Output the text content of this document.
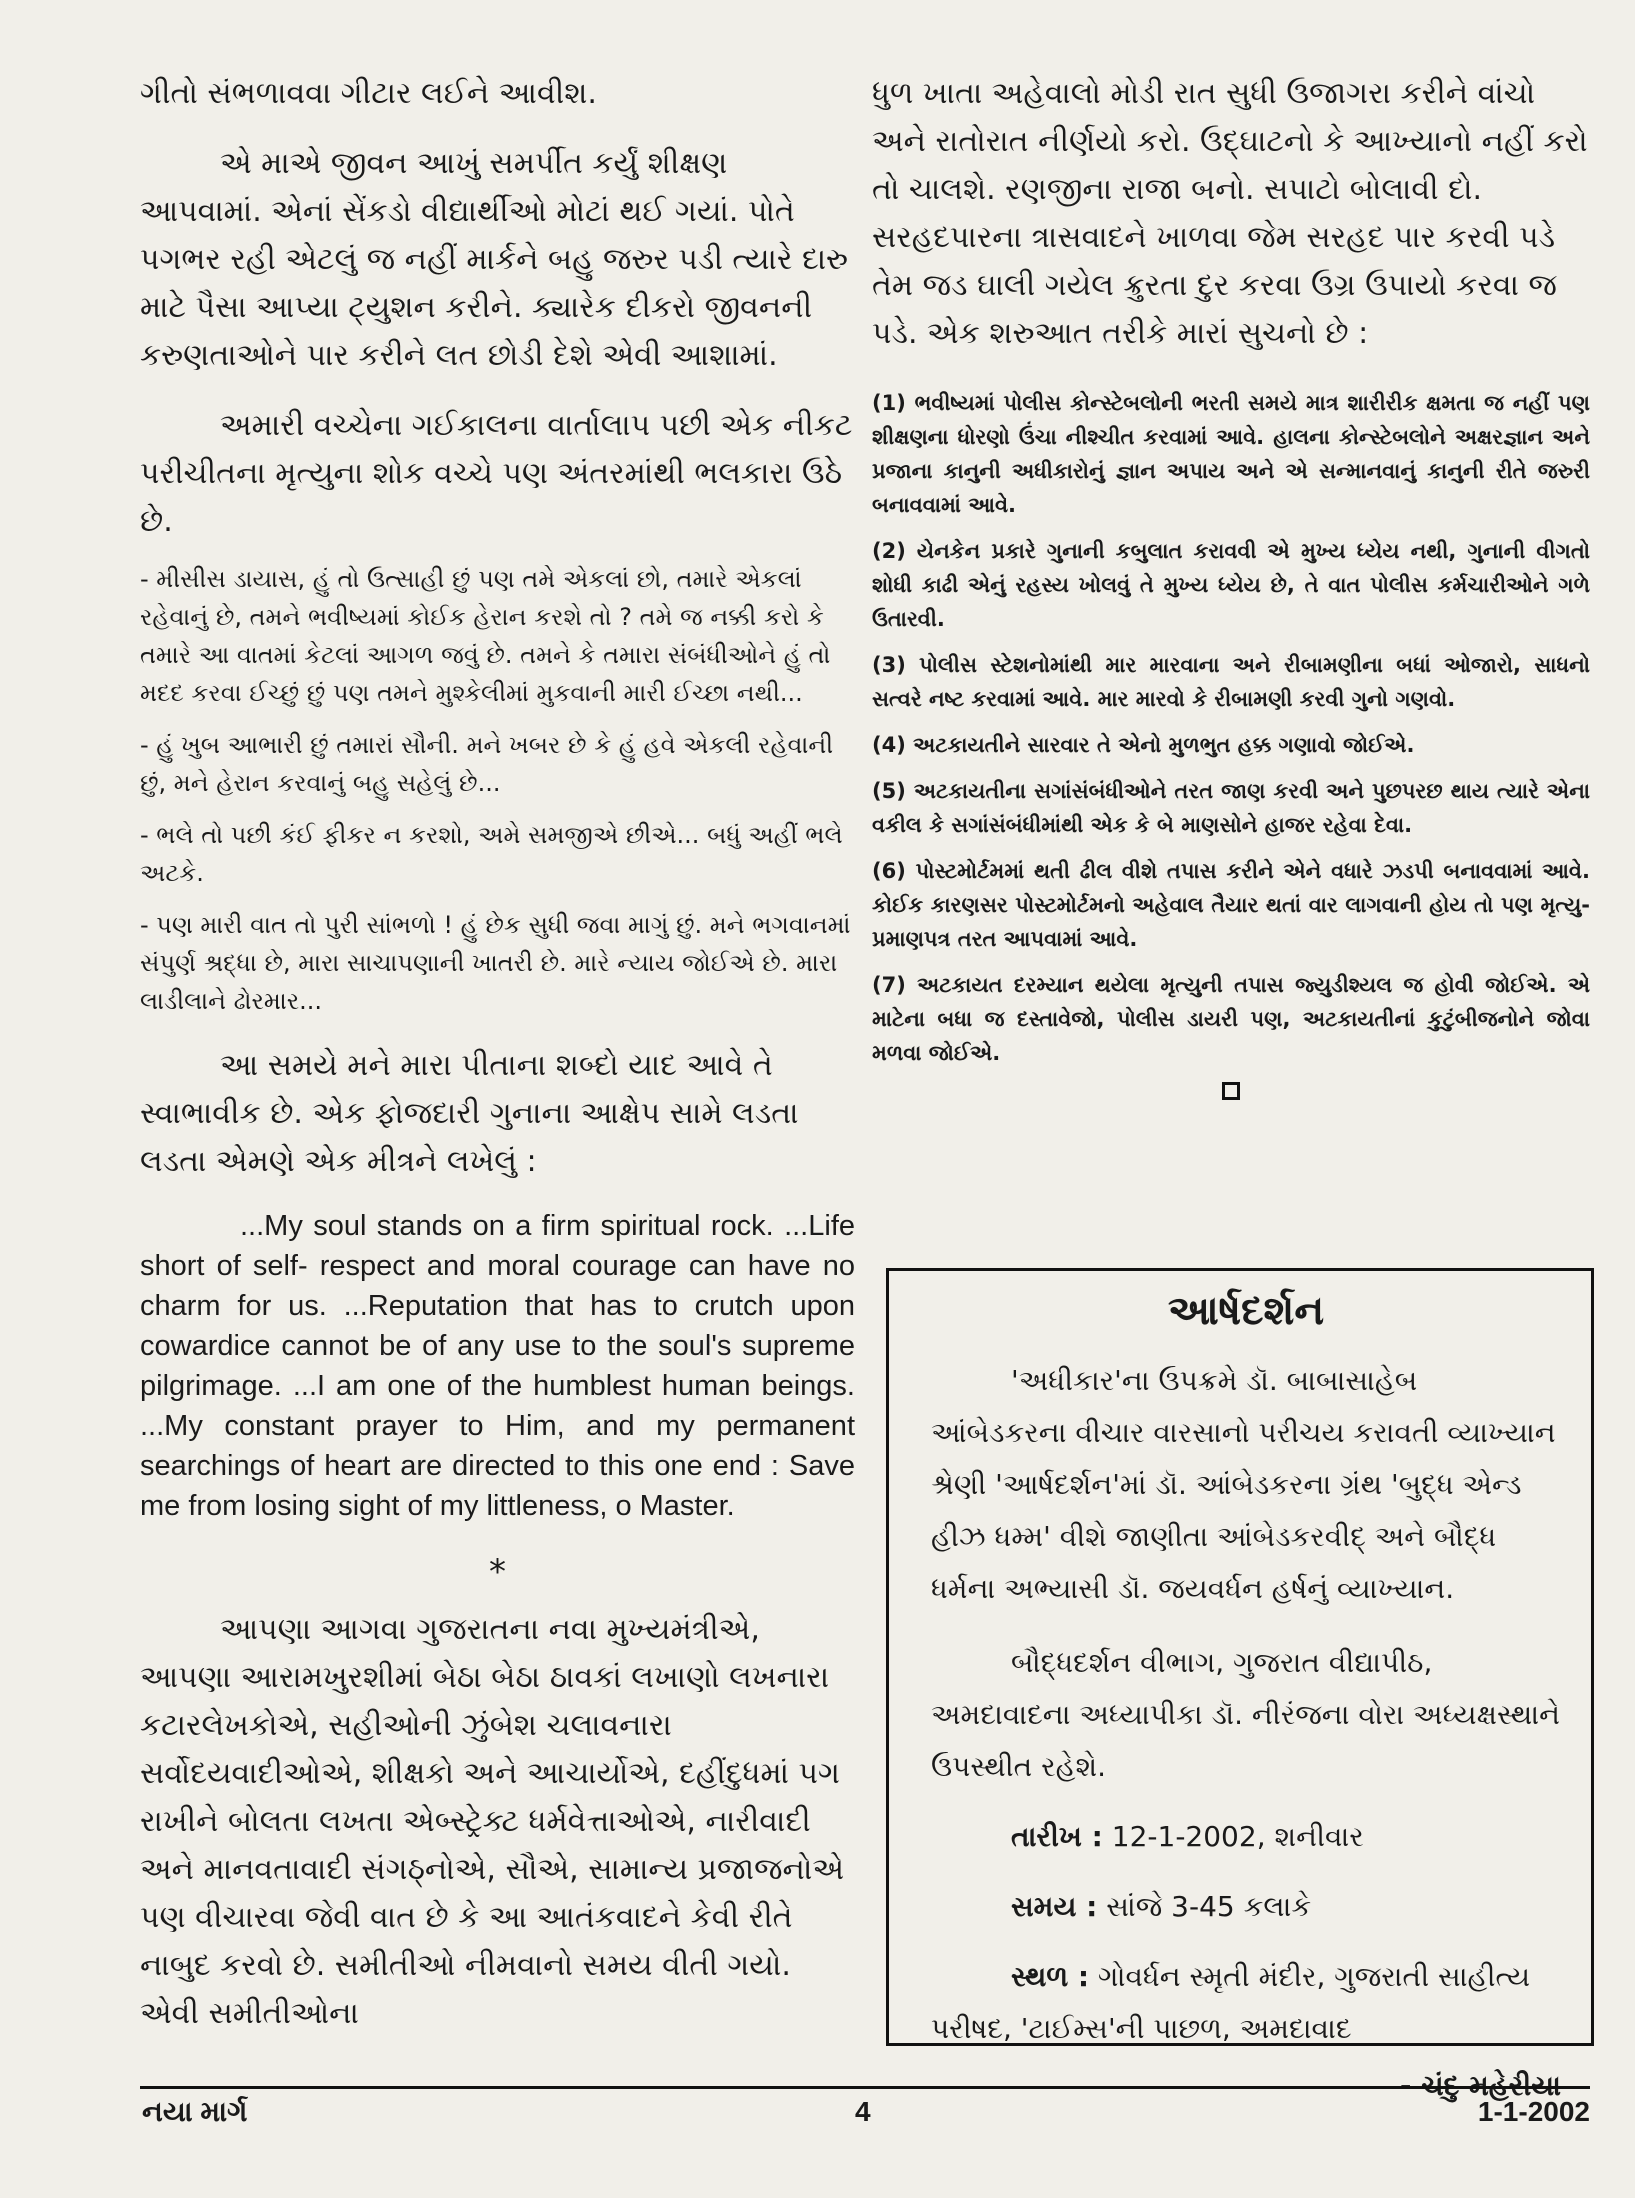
ગીતો સંભળાવવા ગીટાર લઈને આવીશ.

એ માએ જીવન આખું સમર્પીત કર્યું શીક્ષણ આપવામાં. એનાં સેંકડો વીદ્યાર્થીઓ મોટાં થઈ ગયાં. પોતે પગભર રહી એટલું જ નહીં માર્કને બહુ જરુર પડી ત્યારે દારુ માટે પૈસા આપ્યા ટ્યુશન કરીને. ક્યારેક દીકરો જીવનની કરુણતાઓને પાર કરીને લત છોડી દેશે એવી આશામાં.

અમારી વચ્ચેના ગઈકાલના વાર્તાલાપ પછી એક નીકટ પરીચીતના મૃત્યુના શોક વચ્ચે પણ અંતરમાંથી ભલકારા ઉઠે છે.

- મીસીસ ડાયાસ, હું તો ઉત્સાહી છું પણ તમે એકલાં છો, તમારે એકલાં રહેવાનું છે, તમને ભવીષ્યમાં કોઈક હેરાન કરશે તો ? તમે જ નક્કી કરો કે તમારે આ વાતમાં કેટલાં આગળ જવું છે. તમને કે તમારા સંબંધીઓને હું તો મદદ કરવા ઈચ્છું છું પણ તમને મુશ્કેલીમાં મુકવાની મારી ઈચ્છા નથી...

- હું ખુબ આભારી છું તમારાં સૌની. મને ખબર છે કે હું હવે એકલી રહેવાની છું, મને હેરાન કરવાનું બહુ સહેલું છે...

- ભલે તો પછી કંઈ ફીકર ન કરશો, અમે સમજીએ છીએ... બધું અહીં ભલે અટકે.

- પણ મારી વાત તો પુરી સાંભળો ! હું છેક સુધી જવા માગું છું. મને ભગવાનમાં સંપુર્ણ શ્રદ્ધા છે, મારા સાચાપણાની ખાતરી છે. મારે ન્યાય જોઈએ છે. મારા લાડીલાને ઢોરમાર...

આ સમયે મને મારા પીતાના શબ્દો યાદ આવે તે સ્વાભાવીક છે. એક ફોજદારી ગુનાના આક્ષેપ સામે લડતા લડતા એમણે એક મીત્રને લખેલું :

...My soul stands on a firm spiritual rock. ...Life short of self- respect and moral courage can have no charm for us. ...Reputation that has to crutch upon cowardice cannot be of any use to the soul's supreme pilgrimage. ...I am one of the humblest human beings. ...My constant prayer to Him, and my permanent searchings of heart are directed to this one end : Save me from losing sight of my littleness, o Master.

*

આપણા આગવા ગુજરાતના નવા મુખ્યમંત્રીએ, આપણા આરામખુરશીમાં બેઠા બેઠા ઠાવકાં લખાણો લખનારા કટારલેખકોએ, સહીઓની ઝુંબેશ ચલાવનારા સર્વોદયવાદીઓએ, શીક્ષકો અને આચાર્યોએ, દહીંદુધમાં પગ રાખીને બોલતા લખતા એબ્સ્ટ્રેક્ટ ધર્મવેત્તાઓએ, નારીવાદી અને માનવતાવાદી સંગઠ્નોએ, સૌએ, સામાન્ય પ્રજાજનોએ પણ વીચારવા જેવી વાત છે કે આ આતંકવાદને કેવી રીતે નાબુદ કરવો છે. સમીતીઓ નીમવાનો સમય વીતી ગયો. એવી સમીતીઓના

ધુળ ખાતા અહેવાલો મોડી રાત સુધી ઉજાગરા કરીને વાંચો અને રાતોરાત નીર્ણયો કરો. ઉદ્ઘાટનો કે આખ્યાનો નહીં કરો તો ચાલશે. રણજીના રાજા બનો. સપાટો બોલાવી દો. સરહદપારના ત્રાસવાદને ખાળવા જેમ સરહદ પાર કરવી પડે તેમ જડ ઘાલી ગયેલ ક્રુરતા દુર કરવા ઉગ્ર ઉપાયો કરવા જ પડે. એક શરુઆત તરીકે મારાં સુચનો છે :

(1) ભવીષ્યમાં પોલીસ કોન્સ્ટેબલોની ભરતી સમયે માત્ર શારીરીક ક્ષમતા જ નહીં પણ શીક્ષણના ધોરણો ઉંચા નીશ્ચીત કરવામાં આવે. હાલના કોન્સ્ટેબલોને અક્ષરજ્ઞાન અને પ્રજાના કાનુની અધીકારોનું જ્ઞાન અપાય અને એ સન્માનવાનું કાનુની રીતે જરુરી બનાવવામાં આવે.

(2) યેનકેન પ્રકારે ગુનાની કબુલાત કરાવવી એ મુખ્ય ધ્યેય નથી, ગુનાની વીગતો શોધી કાઢી એનું રહસ્ય ખોલવું તે મુખ્ય ધ્યેય છે, તે વાત પોલીસ કર્મચારીઓને ગળે ઉતારવી.

(3) પોલીસ સ્ટેશનોમાંથી માર મારવાના અને રીબામણીના બધાં ઓજારો, સાધનો સત્વરે નષ્ટ કરવામાં આવે. માર મારવો કે રીબામણી કરવી ગુનો ગણવો.

(4) અટકાયતીને સારવાર તે એનો મુળભુત હક્ક ગણાવો જોઈએ.

(5) અટકાયતીના સગાંસંબંધીઓને તરત જાણ કરવી અને પુછપરછ થાય ત્યારે એના વકીલ કે સગાંસંબંધીમાંથી એક કે બે માણસોને હાજર રહેવા દેવા.

(6) પોસ્ટમોર્ટમમાં થતી ઢીલ વીશે તપાસ કરીને એને વધારે ઝડપી બનાવવામાં આવે. કોઈક કારણસર પોસ્ટમોર્ટમનો અહેવાલ તૈયાર થતાં વાર લાગવાની હોય તો પણ મૃત્યુ-પ્રમાણપત્ર તરત આપવામાં આવે.

(7) અટકાયત દરમ્યાન થયેલા મૃત્યુની તપાસ જ્યુડીશ્યલ જ હોવી જોઈએ. એ માટેના બધા જ દસ્તાવેજો, પોલીસ ડાયરી પણ, અટકાયતીનાં કુટુંબીજનોને જોવા મળવા જોઈએ.

આર્ષદર્શન

'અધીકાર'ના ઉપક્રમે ડૉ. બાબાસાહેબ આંબેડકરના વીચાર વારસાનો પરીચય કરાવતી વ્યાખ્યાન શ્રેણી 'આર્ષદર્શન'માં ડૉ. આંબેડકરના ગ્રંથ 'બુદ્ધ એન્ડ હીઝ ધમ્મ' વીશે જાણીતા આંબેડકરવીદ્ અને બૌદ્ધ ધર્મના અભ્યાસી ડૉ. જયવર્ધન હર્ષનું વ્યાખ્યાન.

બૌદ્ધદર્શન વીભાગ, ગુજરાત વીદ્યાપીઠ, અમદાવાદના અધ્યાપીકા ડૉ. નીરંજના વોરા અધ્યક્ષસ્થાને ઉપસ્થીત રહેશે.

તારીખ : 12-1-2002, શનીવાર

સમય : સાંજે 3-45 કલાકે

સ્થળ : ગોવર્ધન સ્મૃતી મંદીર, ગુજરાતી સાહીત્ય પરીષદ, 'ટાઈમ્સ'ની પાછળ, અમદાવાદ

- ચંદુ મહેરીયા
નયા માર્ગ	4	1-1-2002
